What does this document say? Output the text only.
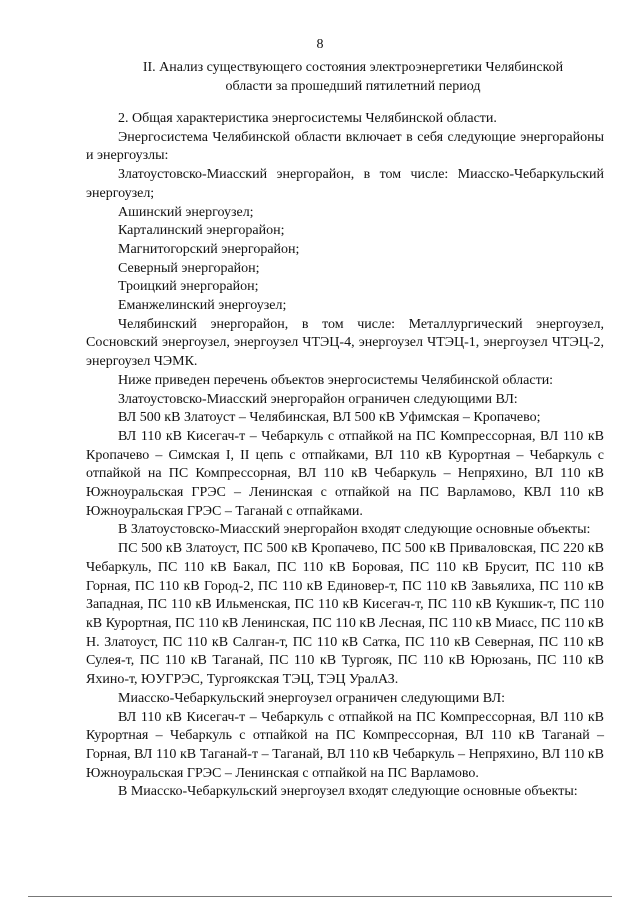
8
II. Анализ существующего состояния электроэнергетики Челябинской области за прошедший пятилетний период

2. Общая характеристика энергосистемы Челябинской области.

Энергосистема Челябинской области включает в себя следующие энергорайоны и энергоузлы:

Златоустовско-Миасский энергорайон, в том числе: Миасско-Чебаркульский энергоузел;

Ашинский энергоузел;

Карталинский энергорайон;

Магнитогорский энергорайон;

Северный энергорайон;

Троицкий энергорайон;

Еманжелинский энергоузел;

Челябинский энергорайон, в том числе: Металлургический энергоузел, Сосновский энергоузел, энергоузел ЧТЭЦ-4, энергоузел ЧТЭЦ-1, энергоузел ЧТЭЦ-2, энергоузел ЧЭМК.

Ниже приведен перечень объектов энергосистемы Челябинской области:

Златоустовско-Миасский энергорайон ограничен следующими ВЛ:

ВЛ 500 кВ Златоуст – Челябинская, ВЛ 500 кВ Уфимская – Кропачево;

ВЛ 110 кВ Кисегач-т – Чебаркуль с отпайкой на ПС Компрессорная, ВЛ 110 кВ Кропачево – Симская I, II цепь с отпайками, ВЛ 110 кВ Курортная – Чебаркуль с отпайкой на ПС Компрессорная, ВЛ 110 кВ Чебаркуль – Непряхино, ВЛ 110 кВ Южноуральская ГРЭС – Ленинская с отпайкой на ПС Варламово, КВЛ 110 кВ Южноуральская ГРЭС – Таганай с отпайками.

В Златоустовско-Миасский энергорайон входят следующие основные объекты:

ПС 500 кВ Златоуст, ПС 500 кВ Кропачево, ПС 500 кВ Приваловская, ПС 220 кВ Чебаркуль, ПС 110 кВ Бакал, ПС 110 кВ Боровая, ПС 110 кВ Брусит, ПС 110 кВ Горная, ПС 110 кВ Город-2, ПС 110 кВ Единовер-т, ПС 110 кВ Завьялиха, ПС 110 кВ Западная, ПС 110 кВ Ильменская, ПС 110 кВ Кисегач-т, ПС 110 кВ Кукшик-т, ПС 110 кВ Курортная, ПС 110 кВ Ленинская, ПС 110 кВ Лесная, ПС 110 кВ Миасс, ПС 110 кВ Н. Златоуст, ПС 110 кВ Салган-т, ПС 110 кВ Сатка, ПС 110 кВ Северная, ПС 110 кВ Сулея-т, ПС 110 кВ Таганай, ПС 110 кВ Тургояк, ПС 110 кВ Юрюзань, ПС 110 кВ Яхино-т, ЮУГРЭС, Тургоякская ТЭЦ, ТЭЦ УралАЗ.

Миасско-Чебаркульский энергоузел ограничен следующими ВЛ:

ВЛ 110 кВ Кисегач-т – Чебаркуль с отпайкой на ПС Компрессорная, ВЛ 110 кВ Курортная – Чебаркуль с отпайкой на ПС Компрессорная, ВЛ 110 кВ Таганай – Горная, ВЛ 110 кВ Таганай-т – Таганай, ВЛ 110 кВ Чебаркуль – Непряхино, ВЛ 110 кВ Южноуральская ГРЭС – Ленинская с отпайкой на ПС Варламово.

В Миасско-Чебаркульский энергоузел входят следующие основные объекты:
